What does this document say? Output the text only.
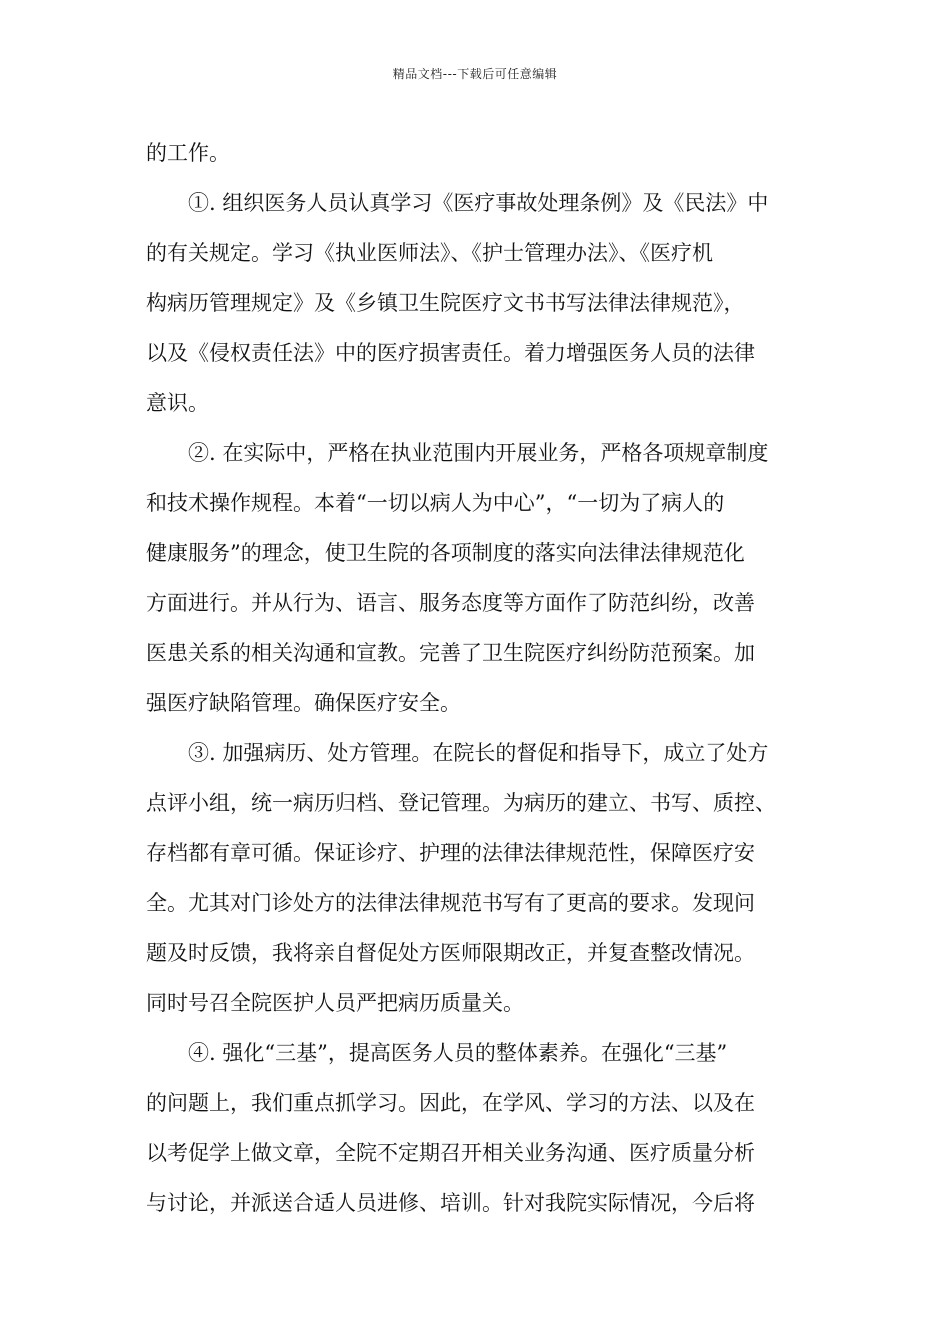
精品文档---下载后可任意编辑
的工作。
①. 组织医务人员认真学习《医疗事故处理条例》及《民法》中
的有关规定。学习《执业医师法》、《护士管理办法》、《医疗机
构病历管理规定》及《乡镇卫生院医疗文书书写法律法律规范》，
以及《侵权责任法》中的医疗损害责任。着力增强医务人员的法律
意识。
②. 在实际中，严格在执业范围内开展业务，严格各项规章制度
和技术操作规程。本着“一切以病人为中心”，“一切为了病人的
健康服务”的理念，使卫生院的各项制度的落实向法律法律规范化
方面进行。并从行为、语言、服务态度等方面作了防范纠纷，改善
医患关系的相关沟通和宣教。完善了卫生院医疗纠纷防范预案。加
强医疗缺陷管理。确保医疗安全。
③. 加强病历、处方管理。在院长的督促和指导下，成立了处方
点评小组，统一病历归档、登记管理。为病历的建立、书写、质控、
存档都有章可循。保证诊疗、护理的法律法律规范性，保障医疗安
全。尤其对门诊处方的法律法律规范书写有了更高的要求。发现问
题及时反馈，我将亲自督促处方医师限期改正，并复查整改情况。
同时号召全院医护人员严把病历质量关。
④. 强化“三基”，提高医务人员的整体素养。在强化“三基”
的问题上，我们重点抓学习。因此，在学风、学习的方法、以及在
以考促学上做文章，全院不定期召开相关业务沟通、医疗质量分析
与讨论，并派送合适人员进修、培训。针对我院实际情况，今后将
